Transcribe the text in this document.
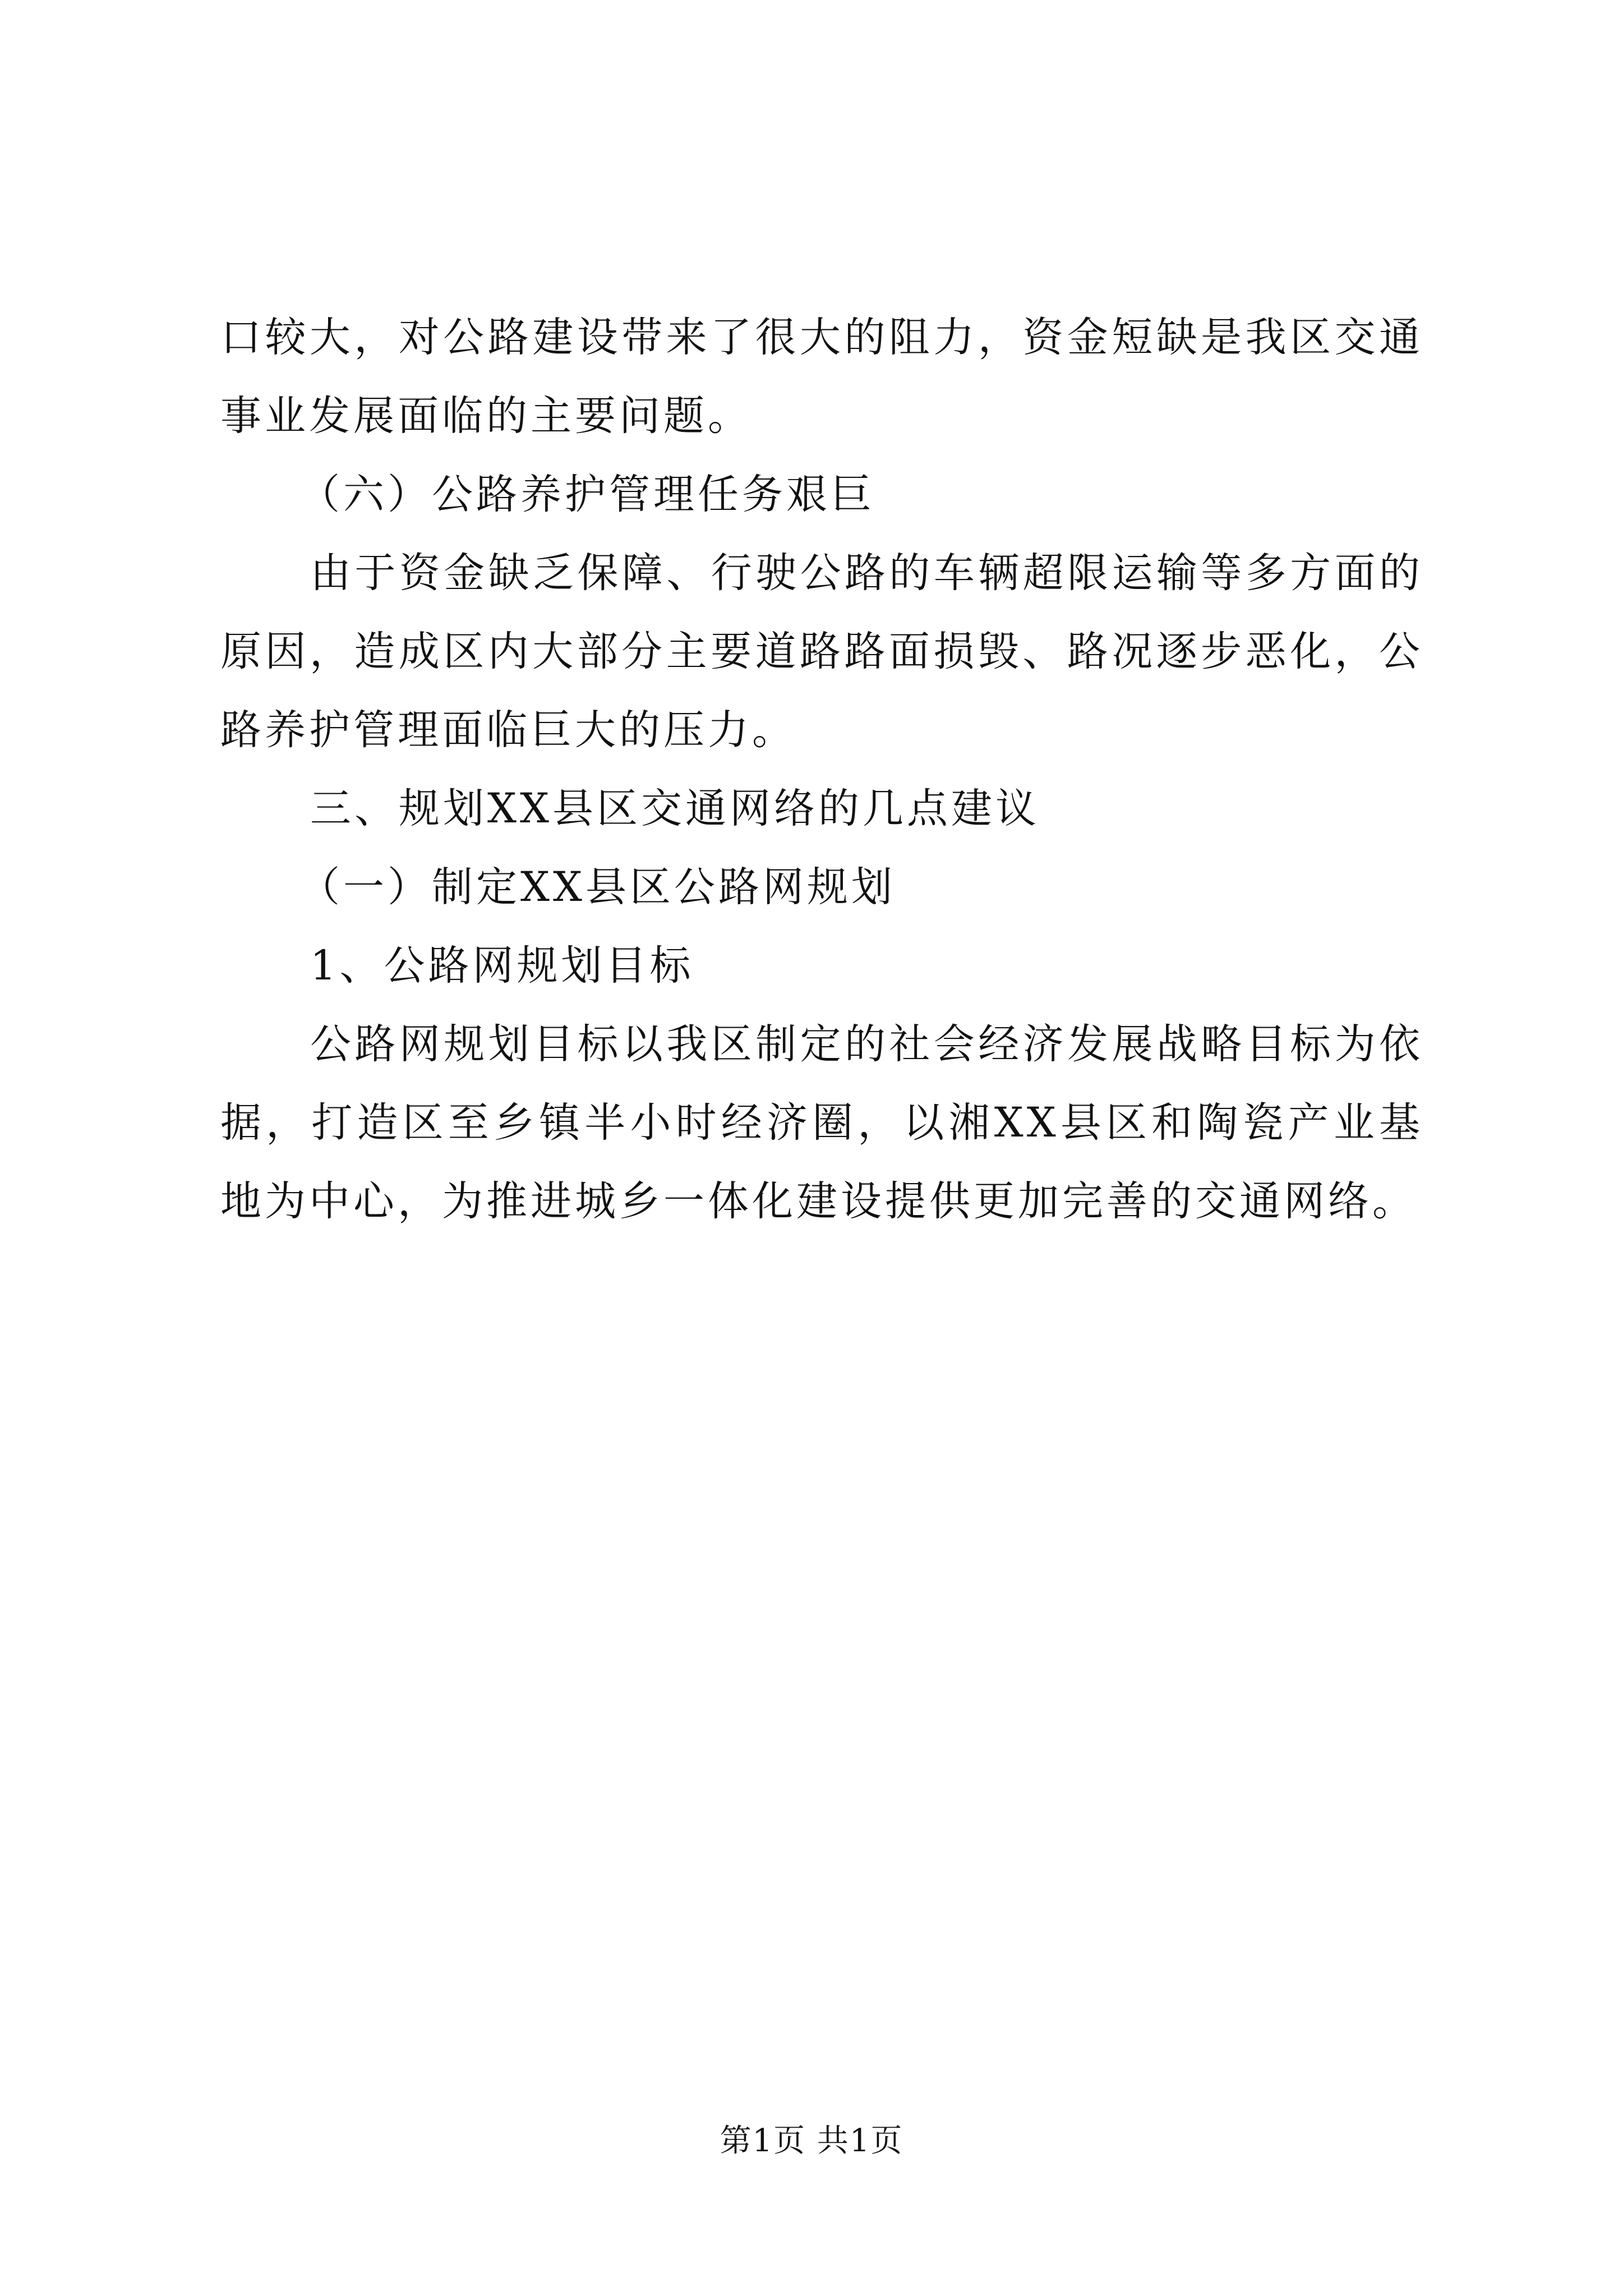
口较大，对公路建设带来了很大的阻力，资金短缺是我区交通事业发展面临的主要问题。

（六）公路养护管理任务艰巨

由于资金缺乏保障、行驶公路的车辆超限运输等多方面的原因，造成区内大部分主要道路路面损毁、路况逐步恶化，公路养护管理面临巨大的压力。

三、规划XX县区交通网络的几点建议

（一）制定XX县区公路网规划

1、公路网规划目标

公路网规划目标以我区制定的社会经济发展战略目标为依据，打造区至乡镇半小时经济圈，以湘XX县区和陶瓷产业基地为中心，为推进城乡一体化建设提供更加完善的交通网络。

第1页 共1页
